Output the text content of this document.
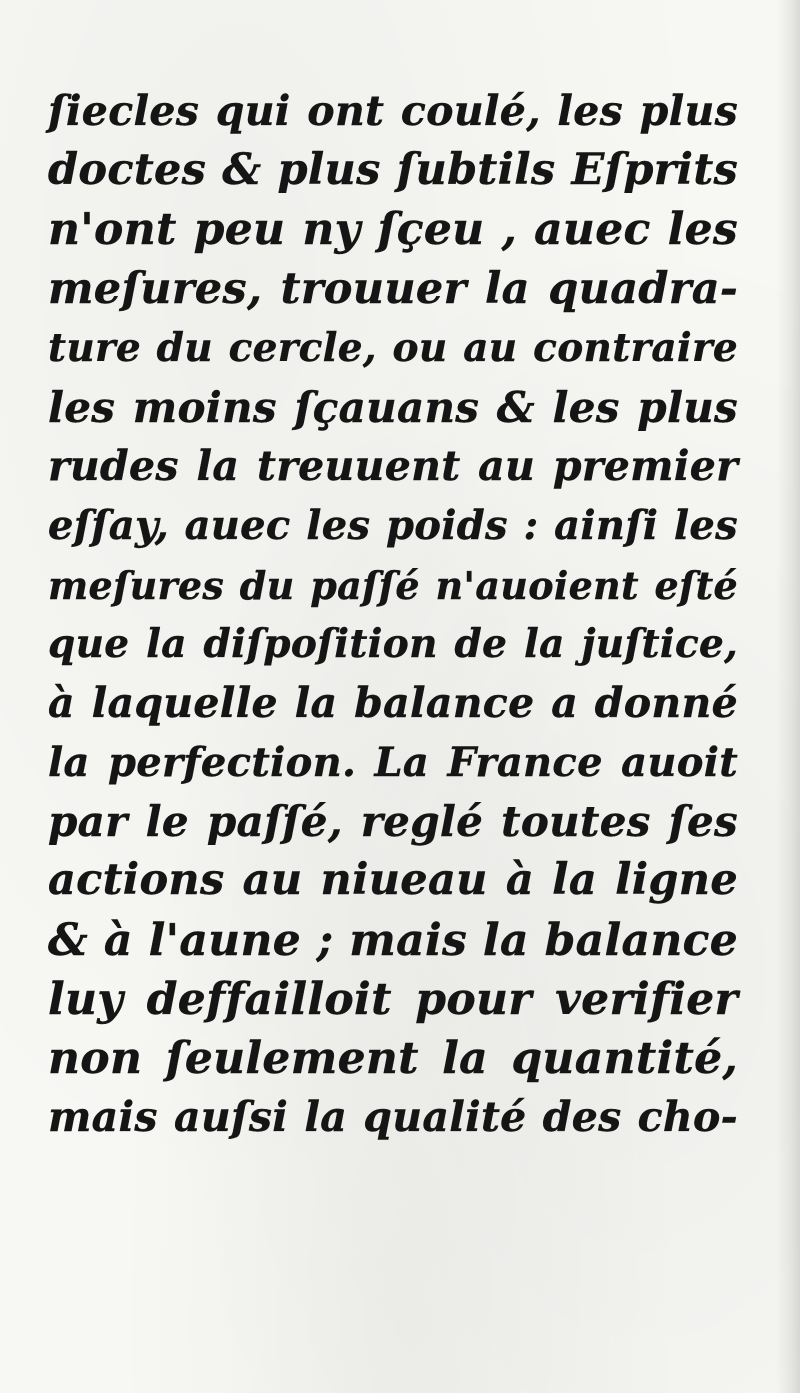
ſiecles qui ont coulé, les plus
doctes & plus ſubtils Eſprits
n'ont peu ny ſçeu , auec les
meſures, trouuer la quadra-
ture du cercle, ou au contraire
les moins ſçauans & les plus
rudes la treuuent au premier
eſſay, auec les poids : ainſi les
meſures du paſſé n'auoient eſté
que la diſpoſition de la juſtice,
à laquelle la balance a donné
la perfection. La France auoit
par le paſſé, reglé toutes ſes
actions au niueau à la ligne
& à l'aune ; mais la balance
luy deffailloit pour verifier
non ſeulement la quantité,
mais auſsi la qualité des cho-
